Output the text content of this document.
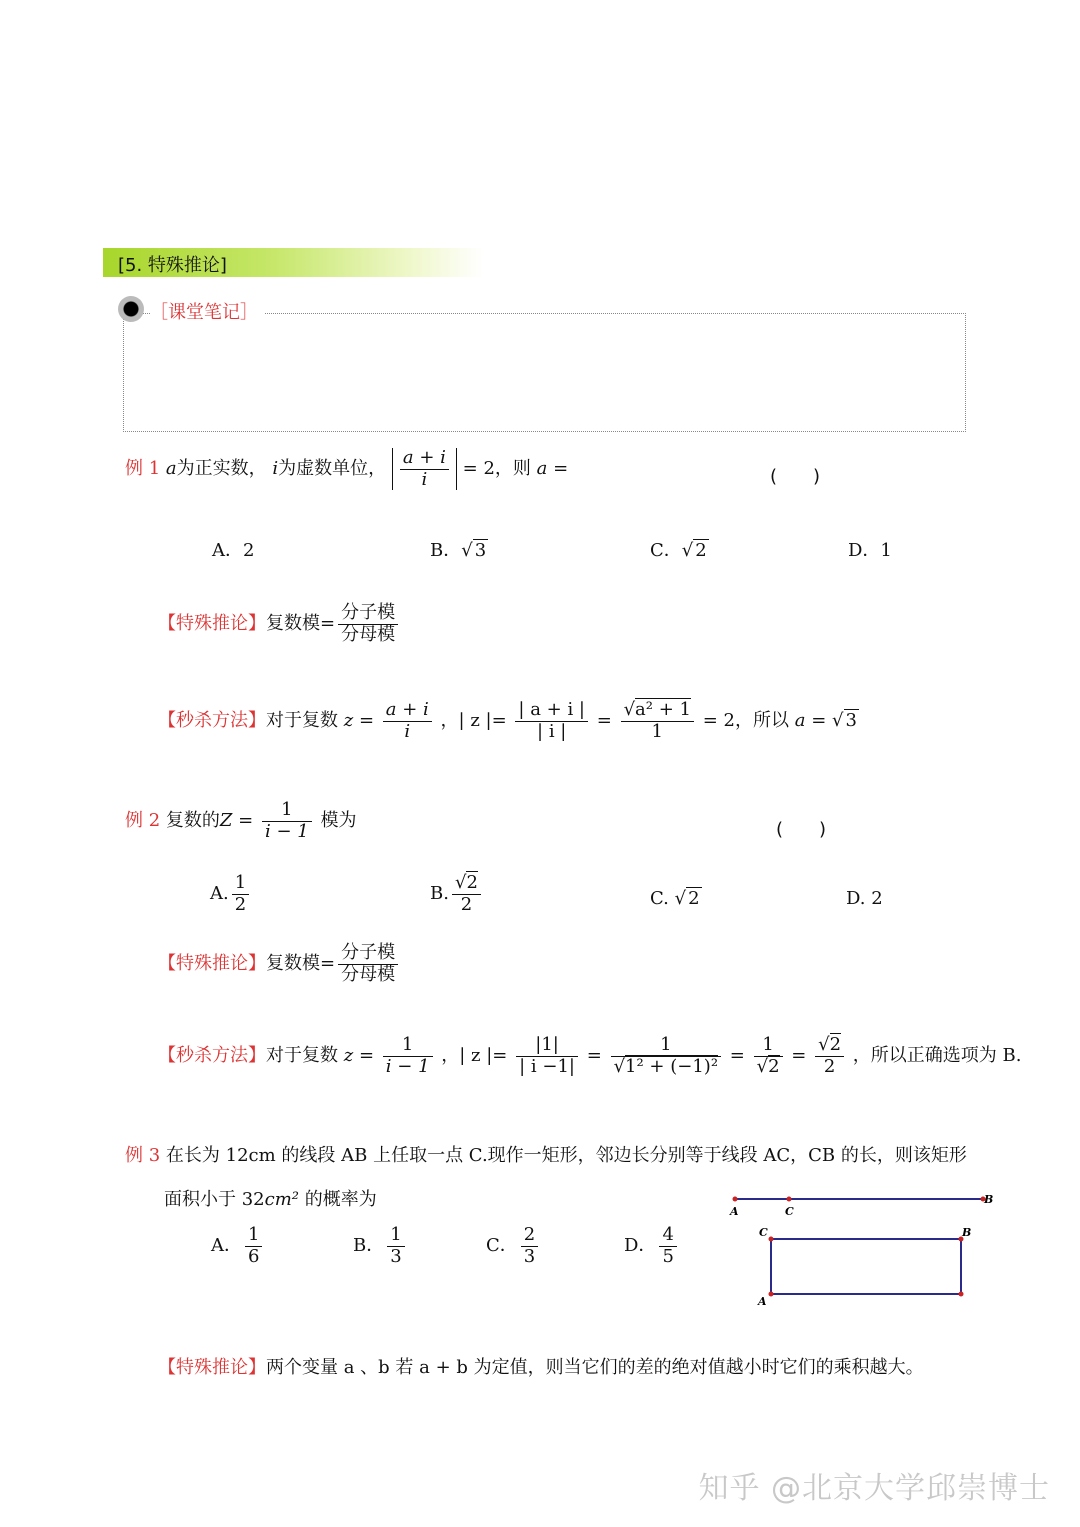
[5. 特殊推论]
［课堂笔记］
例 1 a为正实数， i为虚数单位， $\frac{a + i}{i} = 2$，则 a =	(　　)
A．2	B．√ 3	C．√ 2	D．1
【特殊推论】复数模= $\frac{\text{分子模}}{\text{分母模}}$
【秒杀方法】对于复数 $z = \frac{a + i}{i}$ ，| z |= $\frac{| a + i |}{| i |} = \frac{\text{√a² + 1}}{1} = 2$，所以 a = √ 3
例 2 复数的$Z = \frac{1}{i - 1}$ 模为	(　　)
A. $\frac{1}{2}$	B. $\frac{√2}{2}$	C. √ 2	D. 2
【特殊推论】复数模= $\frac{\text{分子模}}{\text{分母模}}$
【秒杀方法】对于复数 $z = \frac{1}{i - 1}$ ，| z |= $\frac{|1|}{| i -1|} = \frac{1}{\text{√1² + (−1)²}} = \frac{1}{√2} = \frac{√2}{2}$ ，所以正确选项为 B.
例 3 在长为 12cm 的线段 AB 上任取一点 C.现作一矩形，邻边长分别等于线段 AC，CB 的长，则该矩形
面积小于 32cm² 的概率为
A． $\frac{1}{6}$	B． $\frac{1}{3}$	C． $\frac{2}{3}$	D． $\frac{4}{5}$
A	C
B
C	B
A
【特殊推论】两个变量 a 、b 若 a + b 为定值，则当它们的差的绝对值越小时它们的乘积越大。
知乎 @北京大学邱崇博士
